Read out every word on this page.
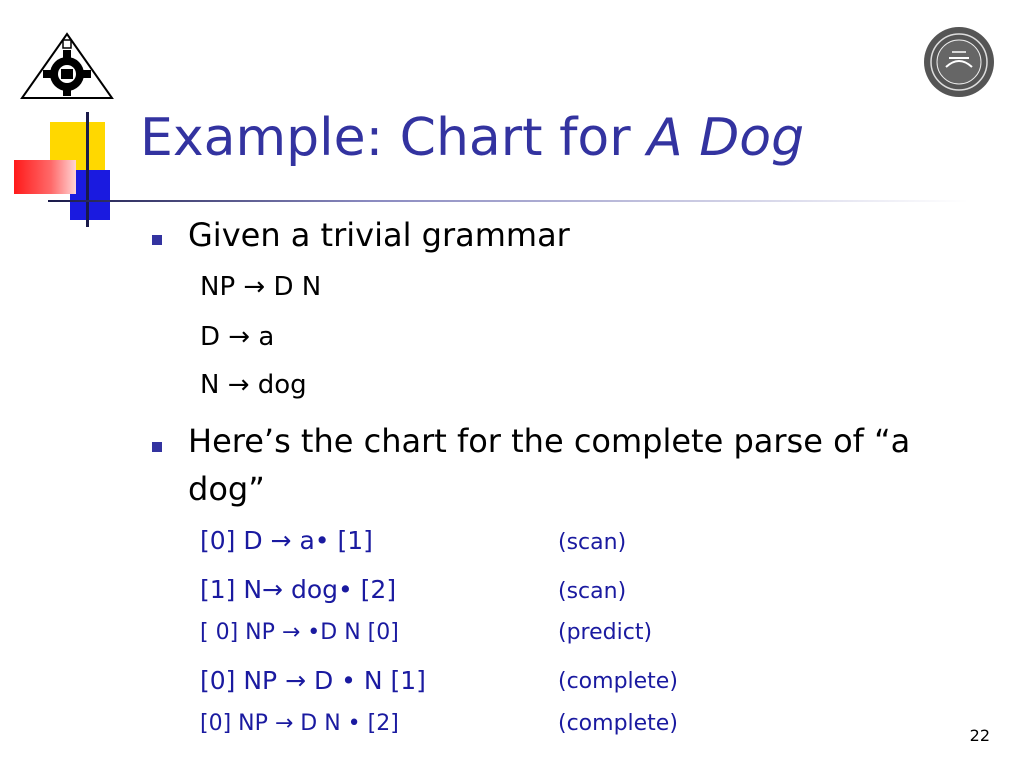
Example: Chart for A Dog
Given a trivial grammar
NP → D N
D → a
N → dog
Here’s the chart for the complete parse of “a
dog”
[0] D → a• [1]	(scan)
[1] N→ dog• [2]	(scan)
[ 0] NP → •D N [0]	(predict)
[0] NP → D • N [1]	(complete)
[0] NP → D N • [2]	(complete)	22
